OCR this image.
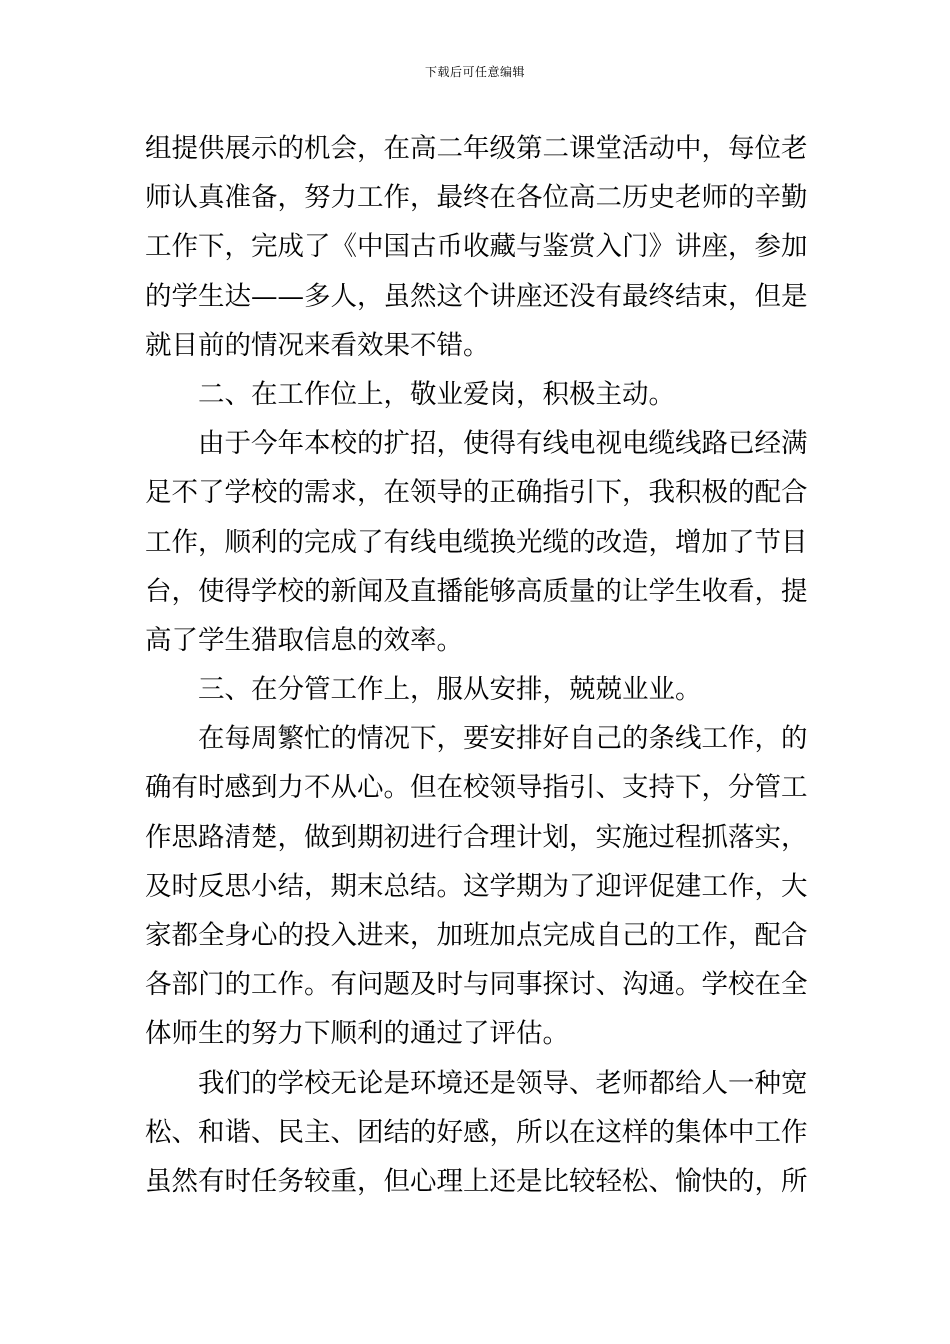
下载后可任意编辑
组提供展示的机会，在高二年级第二课堂活动中，每位老
师认真准备，努力工作，最终在各位高二历史老师的辛勤
工作下，完成了《中国古币收藏与鉴赏入门》讲座，参加
的学生达——多人，虽然这个讲座还没有最终结束，但是
就目前的情况来看效果不错。
二、在工作位上，敬业爱岗，积极主动。
由于今年本校的扩招，使得有线电视电缆线路已经满
足不了学校的需求，在领导的正确指引下，我积极的配合
工作，顺利的完成了有线电缆换光缆的改造，增加了节目
台，使得学校的新闻及直播能够高质量的让学生收看，提
高了学生猎取信息的效率。
三、在分管工作上，服从安排，兢兢业业。
在每周繁忙的情况下，要安排好自己的条线工作，的
确有时感到力不从心。但在校领导指引、支持下，分管工
作思路清楚，做到期初进行合理计划，实施过程抓落实，
及时反思小结，期末总结。这学期为了迎评促建工作，大
家都全身心的投入进来，加班加点完成自己的工作，配合
各部门的工作。有问题及时与同事探讨、沟通。学校在全
体师生的努力下顺利的通过了评估。
我们的学校无论是环境还是领导、老师都给人一种宽
松、和谐、民主、团结的好感，所以在这样的集体中工作
虽然有时任务较重，但心理上还是比较轻松、愉快的，所
